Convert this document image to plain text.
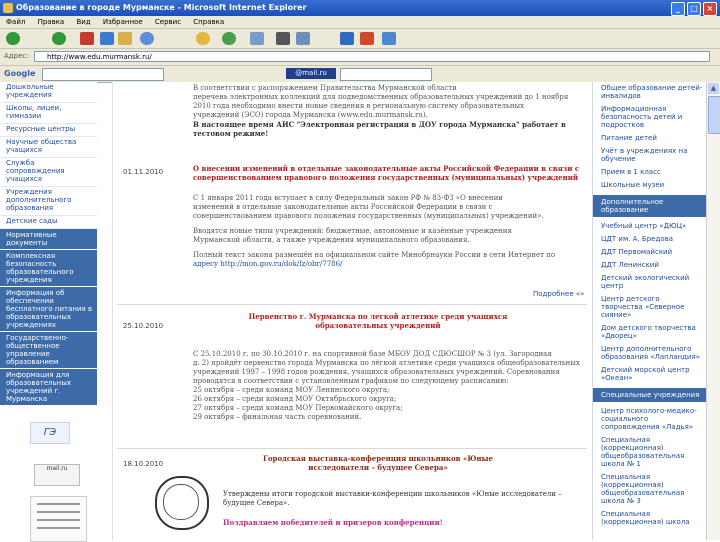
Образование в городе Мурманске - Microsoft Internet Explorer	_	□	×
Файл Правка Вид Избранное Сервис Справка
Адрес:	http://www.edu.murmansk.ru/
Google	@mail.ru
Дошкольные учреждения
Школы, лицеи, гимназии
Ресурсные центры
Научные общества учащихся
Служба сопровождения учащихся
Учреждения дополнительного образования
Детские сады
Нормативные документы
Комплексная безопасность образовательного учреждения
Информация об обеспечении бесплатного питания в образовательных учреждениях
Государственно-общественное управление образованием
Информация для образовательных учреждений г. Мурманска
ГЭ
mail.ru
В соответствии с распоряжением Правительства Мурманской области
перечень электронных коллекций для подведомственных образовательных учреждений до 1 ноября
2010 года необходимо внести новые сведения в региональную систему образовательных
учреждений (ЭСО) города Мурманска (www.edu.murmansk.ru).
В настоящее время АИС "Электронная регистрация в ДОУ города Мурманска" работает в
тестовом режиме!
01.11.2010	О внесении изменений в отдельные законодательные акты Российской Федерации в связи с совершенствованием правового положения государственных (муниципальных) учреждений
С 1 января 2011 года вступает в силу Федеральный закон РФ № 83-ФЗ «О внесении
изменений в отдельные законодательные акты Российской Федерации в связи с
совершенствованием правового положения государственных (муниципальных) учреждений».
Вводятся новые типы учреждений: бюджетные, автономные и казённые учреждения
Мурманской области, а также учреждения муниципального образования.
Полный текст закона размещён на официальном сайте Минобрнауки России в сети Интернет по
адресу http://mon.gov.ru/dok/fz/obr/7786/
Подробнее »»
25.10.2010
Первенство г. Мурманска по легкой атлетике среди учащихся образовательных учреждений
С 25.10.2010 г. по 30.10.2010 г. на спортивной базе МБОУ ДОД СДЮСШОР № 3 (ул. Загородная
д. 2) пройдёт первенство города Мурманска по лёгкой атлетике среди учащихся общеобразовательных
учреждений 1997 – 1998 годов рождения, учащихся образовательных учреждений. Соревнования
проводятся в соответствии с установленным графиком по следующему расписанию:
25 октября – среди команд МОУ Ленинского округа;
26 октября – среди команд МОУ Октябрьского округа;
27 октября – среди команд МОУ Первомайского округа;
29 октября – финальная часть соревнований.
18.10.2010
Городская выставка-конференция школьников «Юные исследователи – будущее Севера»
Утверждены итоги городской выставки-конференции школьников «Юные исследователи –
будущее Севера».
Поздравляем победителей и призеров конференции!
Общее образование детей-инвалидов
Информационная безопасность детей и подростков
Питание детей
Учёт в учреждениях на обучение
Прием в 1 класс
Школьные музеи
Дополнительное образование
Учебный центр «ДЮЦ»
ЦДТ им. А. Бредова
ДДТ Первомайский
ДДТ Ленинский
Детский экологический центр
Центр детского творчества «Северное сияние»
Дом детского творчества «Дворец»
Центр дополнительного образования «Лапландия»
Детский морской центр «Океан»
Специальные учреждения
Центр психолого-медико-социального сопровождения «Ладья»
Специальная (коррекционная) общеобразовательная школа № 1
Специальная (коррекционная) общеобразовательная школа № 3
Специальная (коррекционная) школа
▲
